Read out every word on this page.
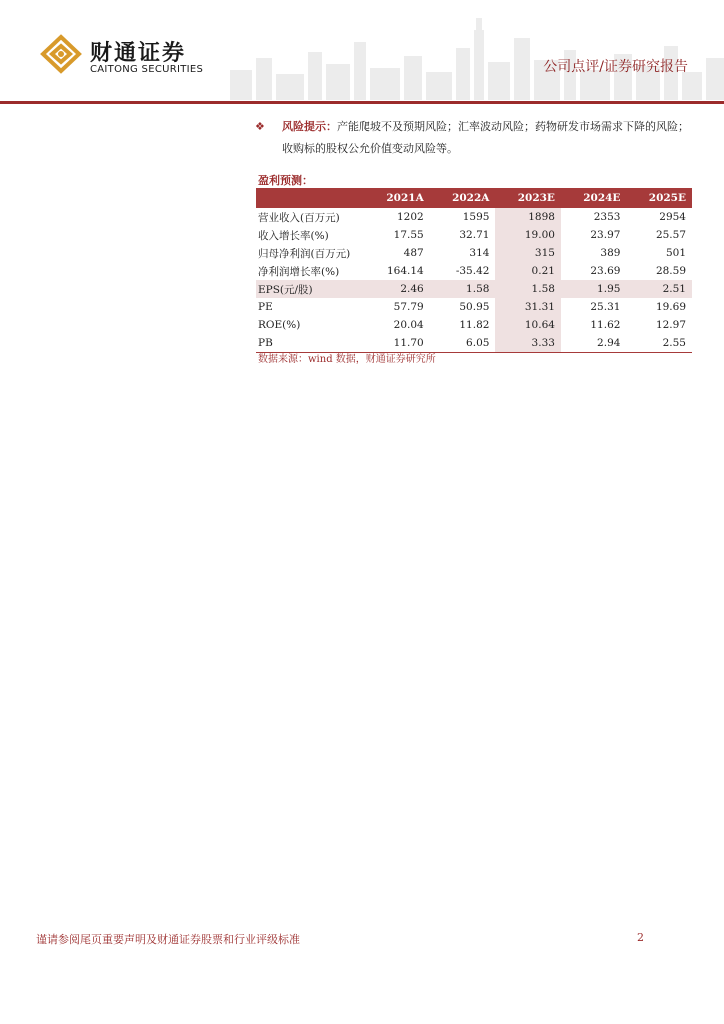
财通证券
CAITONG SECURITIES	公司点评/证券研究报告
❖	风险提示：产能爬坡不及预期风险；汇率波动风险；药物研发市场需求下降的风险；收购标的股权公允价值变动风险等。
盈利预测：
	2021A	2022A	2023E	2024E	2025E
营业收入(百万元)	1202	1595	1898	2353	2954
收入增长率(%)	17.55	32.71	19.00	23.97	25.57
归母净利润(百万元)	487	314	315	389	501
净利润增长率(%)	164.14	-35.42	0.21	23.69	28.59
EPS(元/股)	2.46	1.58	1.58	1.95	2.51
PE	57.79	50.95	31.31	25.31	19.69
ROE(%)	20.04	11.82	10.64	11.62	12.97
PB	11.70	6.05	3.33	2.94	2.55
数据来源：wind 数据，财通证券研究所
谨请参阅尾页重要声明及财通证券股票和行业评级标准	2
